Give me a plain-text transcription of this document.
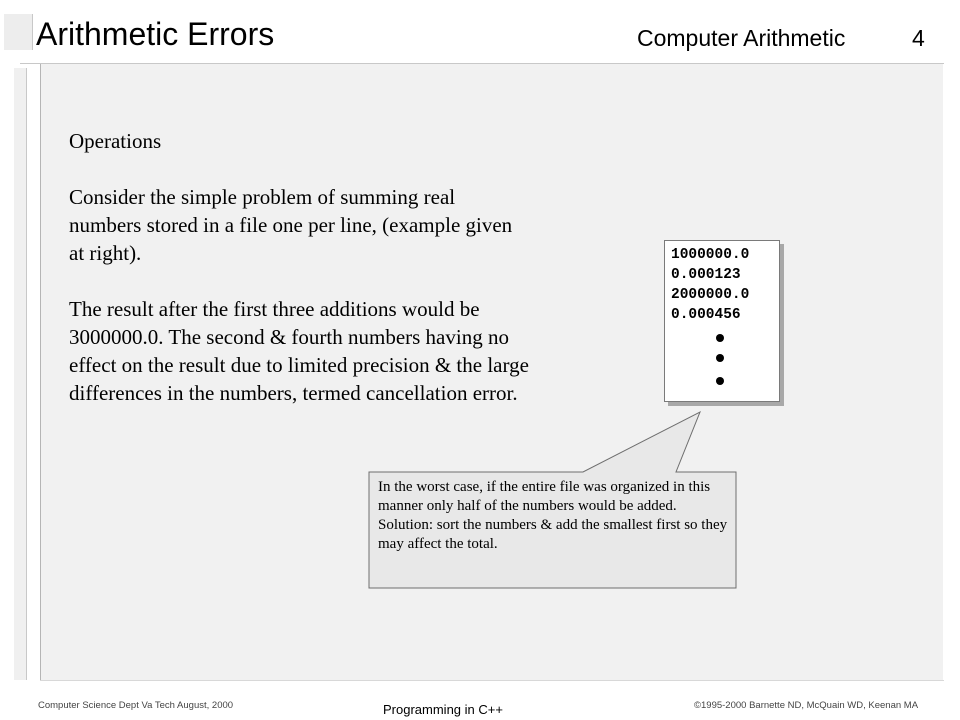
Arithmetic Errors	Computer Arithmetic	4

Operations

Consider the simple problem of summing real numbers stored in a file one per line, (example given at right).

The result after the first three additions would be 3000000.0. The second & fourth numbers having no effect on the result due to limited precision & the large differences in the numbers, termed cancellation error.

In the worst case, if the entire file was organized in this manner only half of the numbers would be added. Solution: sort the numbers & add the smallest first so they may affect the total.
1000000.0
0.000123
2000000.0
0.000456
Computer Science Dept Va Tech August, 2000	Programming in C++	©1995-2000 Barnette ND, McQuain WD, Keenan MA
